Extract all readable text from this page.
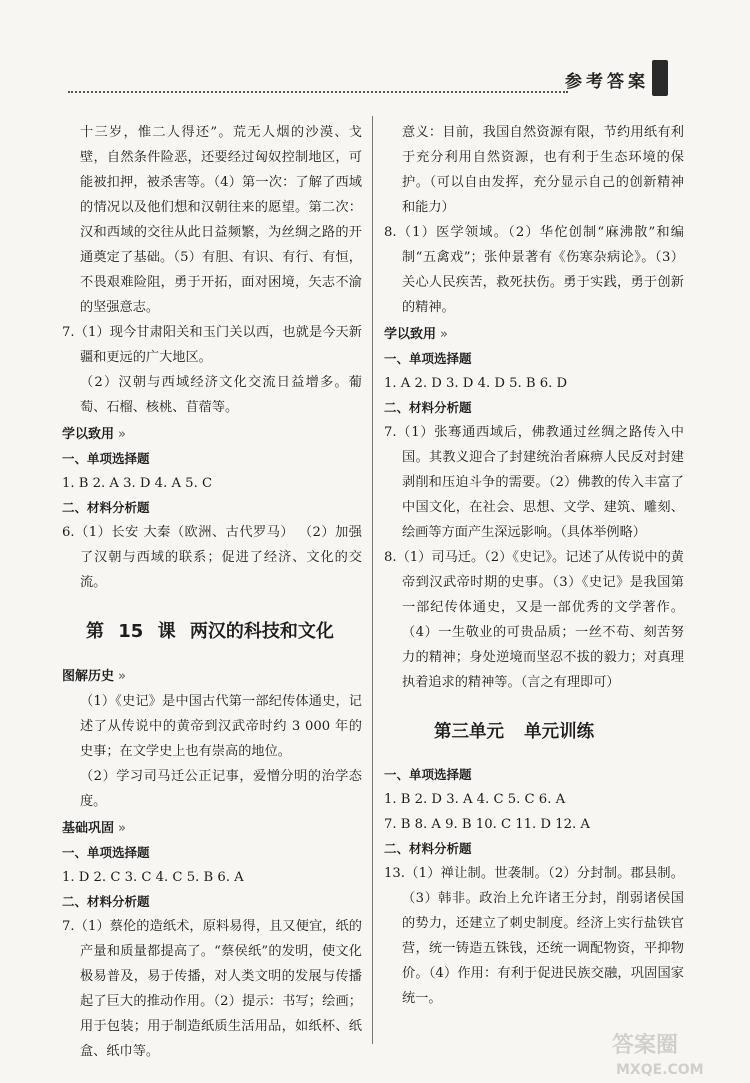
参考答案

十三岁，惟二人得还”。荒无人烟的沙漠、戈壁，自然条件险恶，还要经过匈奴控制地区，可能被扣押，被杀害等。（4）第一次：了解了西域的情况以及他们想和汉朝往来的愿望。第二次：汉和西域的交往从此日益频繁，为丝绸之路的开通奠定了基础。（5）有胆、有识、有行、有恒，不畏艰难险阻，勇于开拓，面对困境，矢志不渝的坚强意志。

7.（1）现今甘肃阳关和玉门关以西，也就是今天新疆和更远的广大地区。

（2）汉朝与西域经济文化交流日益增多。葡萄、石榴、核桃、苜蓿等。

学以致用 »

一、单项选择题

1. B 2. A 3. D 4. A 5. C

二、材料分析题

6.（1）长安 大秦（欧洲、古代罗马） （2）加强了汉朝与西域的联系；促进了经济、文化的交流。

第 15 课 两汉的科技和文化
图解历史 »

（1）《史记》是中国古代第一部纪传体通史，记述了从传说中的黄帝到汉武帝时约 3 000 年的史事；在文学史上也有崇高的地位。

（2）学习司马迁公正记事，爱憎分明的治学态度。

基础巩固 »

一、单项选择题

1. D 2. C 3. C 4. C 5. B 6. A

二、材料分析题

7.（1）蔡伦的造纸术，原料易得，且又便宜，纸的产量和质量都提高了。“蔡侯纸”的发明，使文化极易普及，易于传播，对人类文明的发展与传播起了巨大的推动作用。（2）提示：书写；绘画；用于包装；用于制造纸质生活用品，如纸杯、纸盒、纸巾等。

意义：目前，我国自然资源有限，节约用纸有利于充分利用自然资源，也有利于生态环境的保护。（可以自由发挥，充分显示自己的创新精神和能力）

8.（1）医学领域。（2）华佗创制“麻沸散”和编制“五禽戏”；张仲景著有《伤寒杂病论》。（3）关心人民疾苦，救死扶伤。勇于实践，勇于创新的精神。

学以致用 »

一、单项选择题

1. A 2. D 3. D 4. D 5. B 6. D

二、材料分析题

7.（1）张骞通西域后，佛教通过丝绸之路传入中国。其教义迎合了封建统治者麻痹人民反对封建剥削和压迫斗争的需要。（2）佛教的传入丰富了中国文化，在社会、思想、文学、建筑、雕刻、绘画等方面产生深远影响。（具体举例略）

8.（1）司马迁。（2）《史记》。记述了从传说中的黄帝到汉武帝时期的史事。（3）《史记》是我国第一部纪传体通史，又是一部优秀的文学著作。（4）一生敬业的可贵品质；一丝不苟、刻苦努力的精神；身处逆境而坚忍不拔的毅力；对真理执着追求的精神等。（言之有理即可）

第三单元 单元训练

一、单项选择题

1. B 2. D 3. A 4. C 5. C 6. A

7. B 8. A 9. B 10. C 11. D 12. A

二、材料分析题

13.（1）禅让制。世袭制。（2）分封制。郡县制。（3）韩非。政治上允许诸王分封，削弱诸侯国的势力，还建立了刺史制度。经济上实行盐铁官营，统一铸造五铢钱，还统一调配物资，平抑物价。（4）作用：有利于促进民族交融，巩固国家统一。

答案圈
MXQE.COM
